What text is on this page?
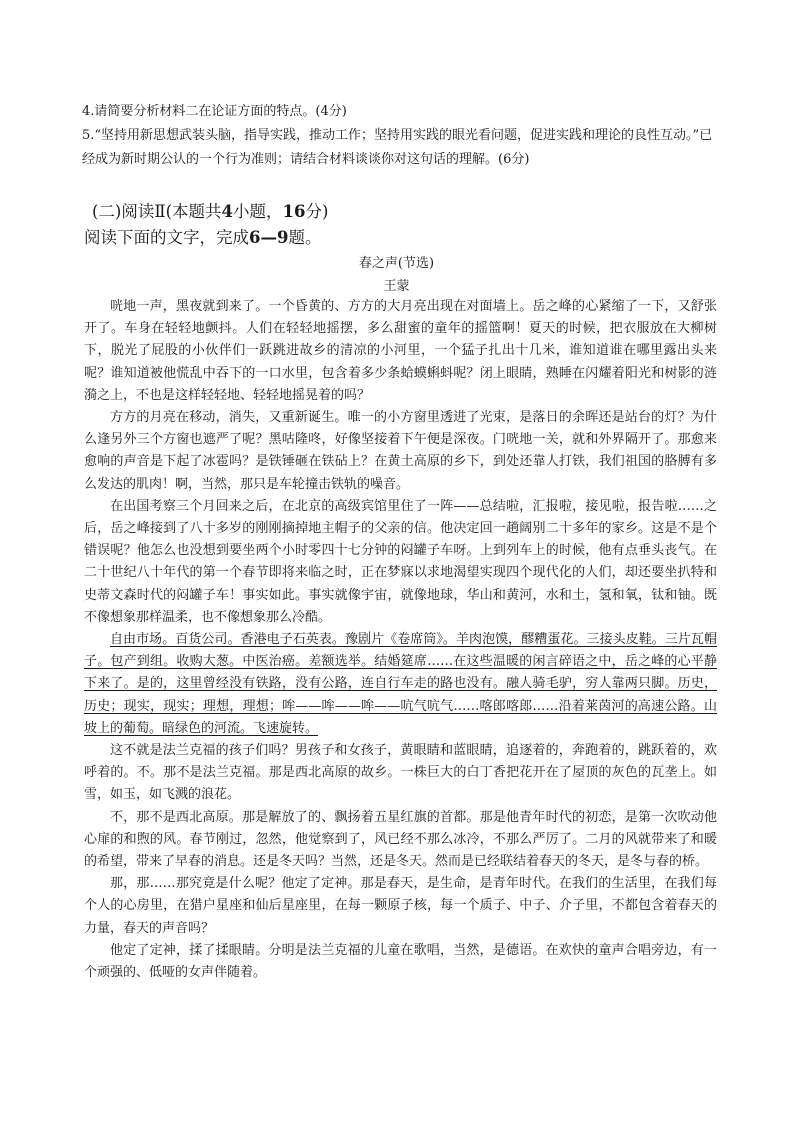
4.请简要分析材料二在论证方面的特点。(4分)
5.“坚持用新思想武装头脑，指导实践，推动工作；坚持用实践的眼光看问题，促进实践和理论的良性互动。”已经成为新时期公认的一个行为准则；请结合材料谈谈你对这句话的理解。(6分)
(二)阅读Ⅱ(本题共4小题，16分)
阅读下面的文字，完成6—9题。
春之声(节选)
王蒙

咣地一声，黑夜就到来了。一个昏黄的、方方的大月亮出现在对面墙上。岳之峰的心紧缩了一下，又舒张开了。车身在轻轻地颤抖。人们在轻轻地摇摆，多么甜蜜的童年的摇篮啊！夏天的时候，把衣服放在大柳树下，脱光了屁股的小伙伴们一跃跳进故乡的清凉的小河里，一个猛子扎出十几米，谁知道谁在哪里露出头来呢？谁知道被他慌乱中吞下的一口水里，包含着多少条蛤蟆蝌蚪呢？闭上眼睛，熟睡在闪耀着阳光和树影的涟漪之上，不也是这样轻轻地、轻轻地摇晃着的吗？

方方的月亮在移动，消失，又重新诞生。唯一的小方窗里透进了光束，是落日的余晖还是站台的灯？为什么逢另外三个方窗也遮严了呢？黑咕隆咚，好像坚接着下午便是深夜。门咣地一关，就和外界隔开了。那愈来愈响的声音是下起了冰雹吗？是铁锤砸在铁砧上？在黄土高原的乡下，到处还靠人打铁，我们祖国的胳膊有多么发达的肌肉！啊，当然，那只是车轮撞击铁轨的噪音。

在出国考察三个月回来之后，在北京的高级宾馆里住了一阵——总结啦，汇报啦，接见啦，报告啦……之后，岳之峰接到了八十多岁的刚刚摘掉地主帽子的父亲的信。他决定回一趟阔别二十多年的家乡。这是不是个错误呢？他怎么也没想到要坐两个小时零四十七分钟的闷罐子车呀。上到列车上的时候，他有点垂头丧气。在二十世纪八十年代的第一个春节即将来临之时，正在梦寐以求地渴望实现四个现代化的人们，却还要坐扒特和史蒂文森时代的闷罐子车！事实如此。事实就像宇宙，就像地球，华山和黄河，水和土，氢和氧，钛和铀。既不像想象那样温柔，也不像想象那么冷酷。

自由市场。百货公司。香港电子石英表。豫剧片《卷席筒》。羊肉泡馍，醪糟蛋花。三接头皮鞋。三片瓦帽子。包产到组。收购大葱。中医治癌。差额选举。结婚筵席……在这些温暖的闲言碎语之中，岳之峰的心平静下来了。是的，这里曾经没有铁路，没有公路，连自行车走的路也没有。融人骑毛驴，穷人靠两只脚。历史，历史；现实，现实；理想，理想；哞——哞——哞——吭气吭气……喀郎喀郎……沿着莱茵河的高速公路。山坡上的葡萄。暗绿色的河流。飞速旋转。

这不就是法兰克福的孩子们吗？男孩子和女孩子，黄眼睛和蓝眼睛，追逐着的，奔跑着的，跳跃着的，欢呼着的。不。那不是法兰克福。那是西北高原的故乡。一株巨大的白丁香把花开在了屋顶的灰色的瓦垄上。如雪，如玉，如飞溅的浪花。

不，那不是西北高原。那是解放了的、飘扬着五星红旗的首都。那是他青年时代的初恋，是第一次吹动他心扉的和煦的风。春节刚过，忽然，他觉察到了，风已经不那么冰冷，不那么严厉了。二月的风就带来了和暖的希望，带来了早春的消息。还是冬天吗？当然，还是冬天。然而是已经联结着春天的冬天，是冬与春的桥。

那，那……那究竟是什么呢？他定了定神。那是春天，是生命，是青年时代。在我们的生活里，在我们每个人的心房里，在猎户星座和仙后星座里，在每一颗原子核，每一个质子、中子、介子里，不都包含着春天的力量，春天的声音吗？

他定了定神，揉了揉眼睛。分明是法兰克福的儿童在歌唱，当然，是德语。在欢快的童声合唱旁边，有一个顽强的、低哑的女声伴随着。
